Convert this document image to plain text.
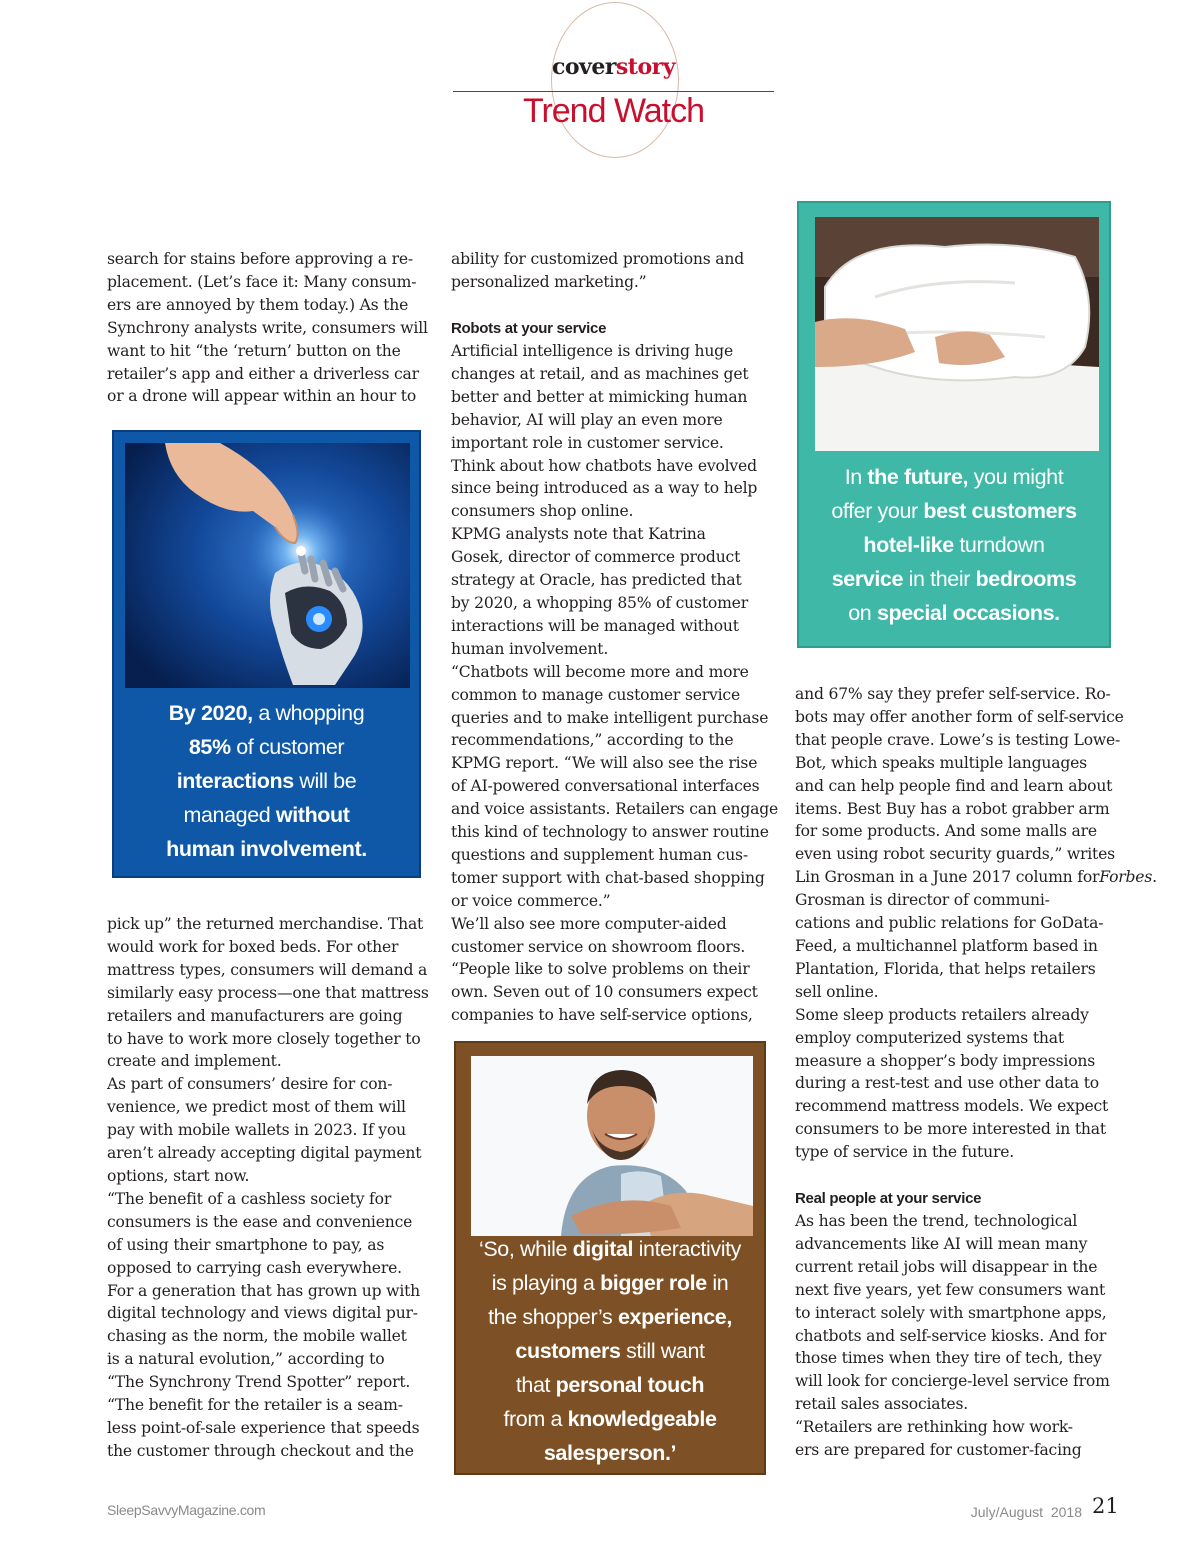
coverstory
Trend Watch

search for stains before approving a re-
placement. (Let’s face it: Many consum-
ers are annoyed by them today.) As the
Synchrony analysts write, consumers will
want to hit “the ‘return’ button on the
retailer’s app and either a driverless car
or a drone will appear within an hour to

pick up” the returned merchandise. That
would work for boxed beds. For other
mattress types, consumers will demand a
similarly easy process—one that mattress
retailers and manufacturers are going
to have to work more closely together to
create and implement.
As part of consumers’ desire for con-
venience, we predict most of them will
pay with mobile wallets in 2023. If you
aren’t already accepting digital payment
options, start now.
“The benefit of a cashless society for
consumers is the ease and convenience
of using their smartphone to pay, as
opposed to carrying cash everywhere.
For a generation that has grown up with
digital technology and views digital pur-
chasing as the norm, the mobile wallet
is a natural evolution,” according to
“The Synchrony Trend Spotter” report.
“The benefit for the retailer is a seam-
less point-of-sale experience that speeds
the customer through checkout and the

ability for customized promotions and
personalized marketing.”

Robots at your service

Artificial intelligence is driving huge
changes at retail, and as machines get
better and better at mimicking human
behavior, AI will play an even more
important role in customer service.
Think about how chatbots have evolved
since being introduced as a way to help
consumers shop online.
KPMG analysts note that Katrina
Gosek, director of commerce product
strategy at Oracle, has predicted that
by 2020, a whopping 85% of customer
interactions will be managed without
human involvement.
“Chatbots will become more and more
common to manage customer service
queries and to make intelligent purchase
recommendations,” according to the
KPMG report. “We will also see the rise
of AI-powered conversational interfaces
and voice assistants. Retailers can engage
this kind of technology to answer routine
questions and supplement human cus-
tomer support with chat-based shopping
or voice commerce.”
We’ll also see more computer-aided
customer service on showroom floors.
“People like to solve problems on their
own. Seven out of 10 consumers expect
companies to have self-service options,

and 67% say they prefer self-service. Ro-
bots may offer another form of self-service
that people crave. Lowe’s is testing Lowe-
Bot, which speaks multiple languages
and can help people find and learn about
items. Best Buy has a robot grabber arm
for some products. And some malls are
even using robot security guards,” writes
Lin Grosman in a June 2017 column forForbes. Grosman is director of communi-
cations and public relations for GoData-
Feed, a multichannel platform based in
Plantation, Florida, that helps retailers
sell online.
Some sleep products retailers already
employ computerized systems that
measure a shopper’s body impressions
during a rest-test and use other data to
recommend mattress models. We expect
consumers to be more interested in that
type of service in the future.

Real people at your service

As has been the trend, technological
advancements like AI will mean many
current retail jobs will disappear in the
next five years, yet few consumers want
to interact solely with smartphone apps,
chatbots and self-service kiosks. And for
those times when they tire of tech, they
will look for concierge-level service from
retail sales associates.
“Retailers are rethinking how work-
ers are prepared for customer-facing

By 2020, a whopping
85% of customer
interactions will be
managed without
human involvement.
In the future, you might
offer your best customers
hotel-like turndown
service in their bedrooms
on special occasions.
‘So, while digital interactivity
is playing a bigger role in
the shopper’s experience,
customers still want
that personal touch
from a knowledgeable
salesperson.’
SleepSavvyMagazine.com	July/August  2018 21
